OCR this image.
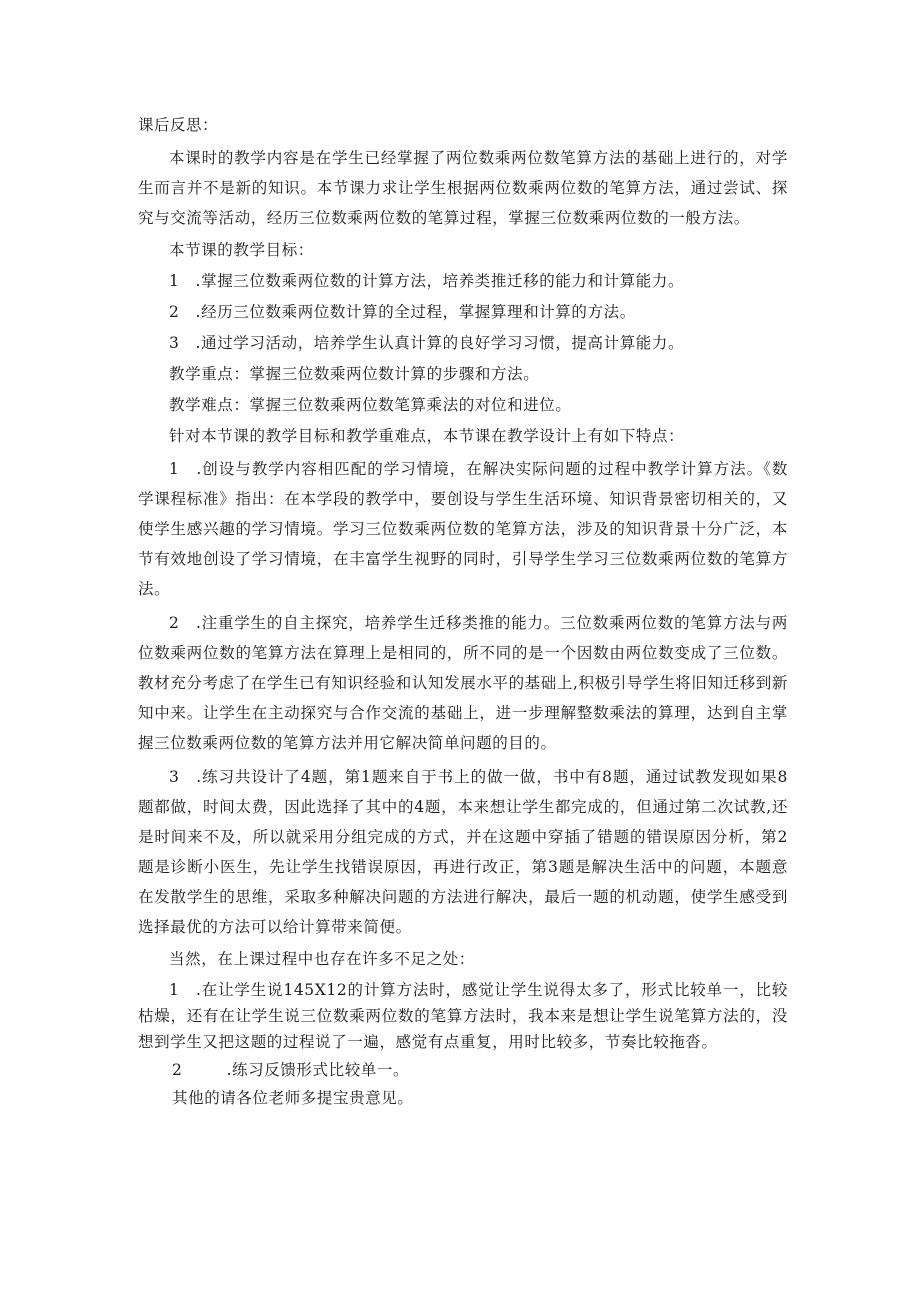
课后反思：

本课时的教学内容是在学生已经掌握了两位数乘两位数笔算方法的基础上进行的，对学生而言并不是新的知识。本节课力求让学生根据两位数乘两位数的笔算方法，通过尝试、探究与交流等活动，经历三位数乘两位数的笔算过程，掌握三位数乘两位数的一般方法。

本节课的教学目标：

1　.掌握三位数乘两位数的计算方法，培养类推迁移的能力和计算能力。

2　.经历三位数乘两位数计算的全过程，掌握算理和计算的方法。

3　.通过学习活动，培养学生认真计算的良好学习习惯，提高计算能力。

教学重点：掌握三位数乘两位数计算的步骤和方法。

教学难点：掌握三位数乘两位数笔算乘法的对位和进位。

针对本节课的教学目标和教学重难点，本节课在教学设计上有如下特点：

1　.创设与教学内容相匹配的学习情境，在解决实际问题的过程中教学计算方法。《数学课程标准》指出：在本学段的教学中，要创设与学生生活环境、知识背景密切相关的，又使学生感兴趣的学习情境。学习三位数乘两位数的笔算方法，涉及的知识背景十分广泛，本节有效地创设了学习情境，在丰富学生视野的同时，引导学生学习三位数乘两位数的笔算方法。

2　.注重学生的自主探究，培养学生迁移类推的能力。三位数乘两位数的笔算方法与两位数乘两位数的笔算方法在算理上是相同的，所不同的是一个因数由两位数变成了三位数。教材充分考虑了在学生已有知识经验和认知发展水平的基础上,积极引导学生将旧知迁移到新知中来。让学生在主动探究与合作交流的基础上，进一步理解整数乘法的算理，达到自主掌握三位数乘两位数的笔算方法并用它解决简单问题的目的。

3　.练习共设计了4题，第1题来自于书上的做一做，书中有8题，通过试教发现如果8题都做，时间太费，因此选择了其中的4题，本来想让学生都完成的，但通过第二次试教,还是时间来不及，所以就采用分组完成的方式，并在这题中穿插了错题的错误原因分析，第2题是诊断小医生，先让学生找错误原因，再进行改正，第3题是解决生活中的问题，本题意在发散学生的思维，采取多种解决问题的方法进行解决，最后一题的机动题，使学生感受到选择最优的方法可以给计算带来简便。

当然，在上课过程中也存在许多不足之处：

1　.在让学生说145X12的计算方法时，感觉让学生说得太多了，形式比较单一，比较枯燥，还有在让学生说三位数乘两位数的笔算方法时，我本来是想让学生说笔算方法的，没想到学生又把这题的过程说了一遍，感觉有点重复，用时比较多，节奏比较拖沓。

2	.练习反馈形式比较单一。

其他的请各位老师多提宝贵意见。
